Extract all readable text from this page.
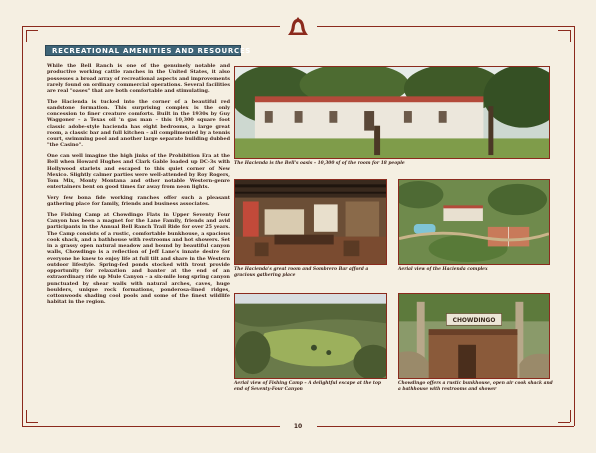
RECREATIONAL AMENITIES AND RESOURCES

While the Bell Ranch is one of the genuinely notable and productive working cattle ranches in the United States, it also possesses a broad array of recreational aspects and improvements rarely found on ordinary commercial operations. Several facilities are real "oases" that are both comfortable and stimulating.

The Hacienda is tucked into the corner of a beautiful red sandstone formation. This surprising complex is the only concession to finer creature comforts. Built in the 1930s by Guy Waggoner – a Texas oil 'n gas man – this 10,300 square foot classic adobe-style hacienda has eight bedrooms, a large great room, a classic bar and full kitchen – all complimented by a tennis court, swimming pool and another large separate building dubbed "the Casino".

One can well imagine the high jinks of the Prohibition Era at the Bell when Howard Hughes and Clark Gable loaded up DC-3s with Hollywood starlets and escaped to this quiet corner of New Mexico. Slightly calmer parties were well-attended by Roy Rogers, Tom Mix, Monty Montana and other notable Western-genre entertainers bent on good times far away from neon lights.

Very few bona fide working ranches offer such a pleasant gathering place for family, friends and business associates.

The Fishing Camp at Chowdingo Flats in Upper Seventy Four Canyon has been a magnet for the Lane Family, friends and avid participants in the Annual Bell Ranch Trail Ride for over 25 years. The Camp consists of a rustic, comfortable bunkhouse, a spacious cook shack, and a bathhouse with restrooms and hot showers. Set in a grassy open natural meadow and bound by beautiful canyon walls, Chowdingo is a reflection of Jeff Lane's innate desire for everyone he knew to enjoy life at full tilt and share in the Western outdoor lifestyle. Spring-fed ponds stocked with trout provide opportunity for relaxation and banter at the end of an extraordinary ride up Mule Canyon – a six-mile long spring canyon punctuated by shear walls with natural arches, caves, huge boulders, unique rock formations, ponderosa-lined ridges, cottonwoods shading cool pools and some of the finest wildlife habitat in the region.

The Hacienda is the Bell's oasis – 10,300 sf of the room for 18 people
The Hacienda's great room and Sombrero Bar afford a gracious gathering place
Aerial view of the Hacienda complex
Aerial view of Fishing Camp – A delightful escape at the top end of Seventy-Four Canyon
CHOWDINGO
Chowdingo offers a rustic bunkhouse, open air cook shack and a bathhouse with restrooms and shower
10
